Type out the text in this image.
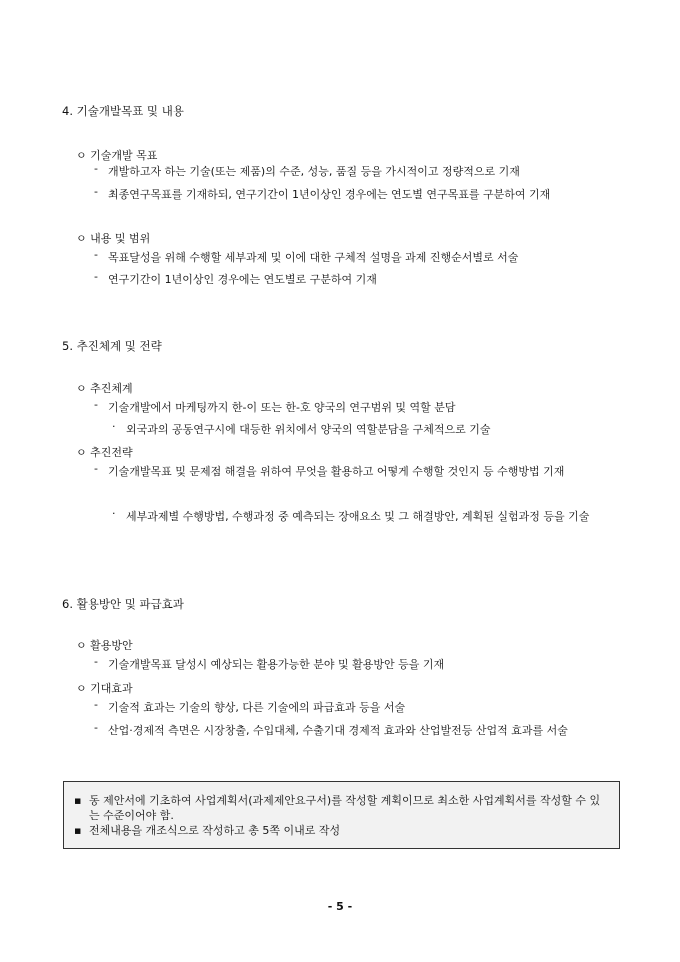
4. 기술개발목표 및 내용
ㅇ 기술개발 목표
- 개발하고자 하는 기술(또는 제품)의 수준, 성능, 품질 등을 가시적이고 정량적으로 기재
- 최종연구목표를 기재하되, 연구기간이 1년이상인 경우에는 연도별 연구목표를 구분하여 기재
ㅇ 내용 및 범위
- 목표달성을 위해 수행할 세부과제 및 이에 대한 구체적 설명을 과제 진행순서별로 서술
- 연구기간이 1년이상인 경우에는 연도별로 구분하여 기재
5. 추진체계 및 전략
ㅇ 추진체계
- 기술개발에서 마케팅까지 한-이 또는 한-호 양국의 연구범위 및 역할 분담
· 외국과의 공동연구시에 대등한 위치에서 양국의 역할분담을 구체적으로 기술
ㅇ 추진전략
- 기술개발목표 및 문제점 해결을 위하여 무엇을 활용하고 어떻게 수행할 것인지 등 수행방법 기재
· 세부과제별 수행방법, 수행과정 중 예측되는 장애요소 및 그 해결방안, 계획된 실험과정 등을 기술
6. 활용방안 및 파급효과
ㅇ 활용방안
- 기술개발목표 달성시 예상되는 활용가능한 분야 및 활용방안 등을 기재
ㅇ 기대효과
- 기술적 효과는 기술의 향상, 다른 기술에의 파급효과 등을 서술
- 산업·경제적 측면은 시장창출, 수입대체, 수출기대 경제적 효과와 산업발전등 산업적 효과를 서술
▪ 동 제안서에 기초하여 사업계획서(과제제안요구서)를 작성할 계획이므로 최소한 사업계획서를 작성할 수 있는 수준이어야 함.
▪ 전체내용을 개조식으로 작성하고 총 5쪽 이내로 작성
- 5 -
